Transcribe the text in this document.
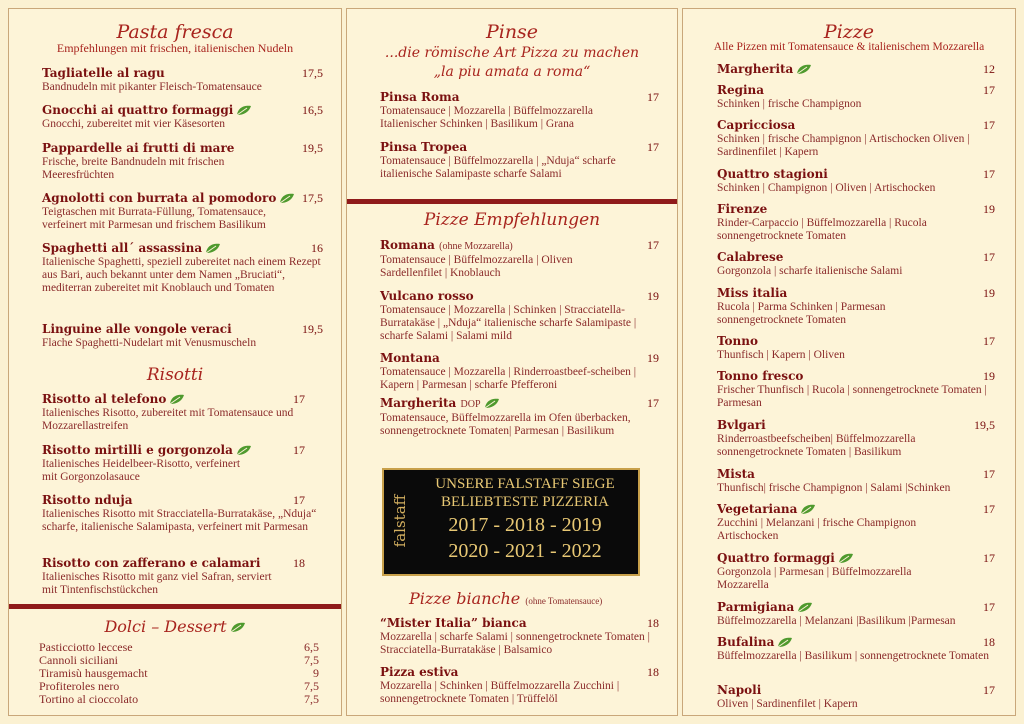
Pasta fresca
Empfehlungen mit frischen, italienischen Nudeln
Tagliatelle al ragu	17,5
Bandnudeln mit pikanter Fleisch-Tomatensauce
Gnocchi ai quattro formaggi	16,5
Gnocchi, zubereitet mit vier Käsesorten
Pappardelle ai frutti di mare	19,5
Frische, breite Bandnudeln mit frischen Meeresfrüchten
Agnolotti con burrata al pomodoro	17,5
Teigtaschen mit Burrata-Füllung, Tomatensauce, verfeinert mit Parmesan und frischem Basilikum
Spaghetti all´ assassina	16
Italienische Spaghetti, speziell zubereitet nach einem Rezept aus Bari, auch bekannt unter dem Namen „Bruciati“, mediterran zubereitet mit Knoblauch und Tomaten
Linguine alle vongole veraci	19,5
Flache Spaghetti-Nudelart mit Venusmuscheln
Risotti
Risotto al telefono	17
Italienisches Risotto, zubereitet mit Tomatensauce und Mozzarellastreifen
Risotto mirtilli e gorgonzola	17
Italienisches Heidelbeer-Risotto, verfeinert mit Gorgonzolasauce
Risotto nduja	17
Italienisches Risotto mit Stracciatella-Burratakäse, „Nduja“ scharfe, italienische Salamipasta, verfeinert mit Parmesan
Risotto con zafferano e calamari	18
Italienisches Risotto mit ganz viel Safran, serviert mit Tintenfischstückchen
Dolci – Dessert
Pasticciotto leccese	6,5
Cannoli siciliani	7,5
Tiramisù hausgemacht	9
Profiteroles nero	7,5
Tortino al cioccolato	7,5
Pinse
...die römische Art Pizza zu machen
„la piu amata a roma“
Pinsa Roma	17
Tomatensauce | Mozzarella | Büffelmozzarella Italienischer Schinken | Basilikum | Grana
Pinsa Tropea	17
Tomatensauce | Büffelmozzarella | „Nduja“ scharfe italienische Salamipaste scharfe Salami
Pizze Empfehlungen
Romana (ohne Mozzarella)	17
Tomatensauce | Büffelmozzarella | Oliven Sardellenfilet | Knoblauch
Vulcano rosso	19
Tomatensauce | Mozzarella | Schinken | Stracciatella-Burratakäse | „Nduja“ italienische scharfe Salamipaste | scharfe Salami | Salami mild
Montana	19
Tomatensauce | Mozzarella | Rinderroastbeef-scheiben | Kapern | Parmesan | scharfe Pfefferoni
Margherita DOP	17
Tomatensauce, Büffelmozzarella im Ofen überbacken, sonnengetrocknete Tomaten| Parmesan | Basilikum
falstaff
UNSERE FALSTAFF SIEGE
BELIEBTESTE PIZZERIA
2017 - 2018 - 2019
2020 - 2021 - 2022
Pizze bianche (ohne Tomatensauce)
“Mister Italia” bianca	18
Mozzarella | scharfe Salami | sonnengetrocknete Tomaten | Stracciatella-Burratakäse | Balsamico
Pizza estiva	18
Mozzarella | Schinken | Büffelmozzarella Zucchini | sonnengetrocknete Tomaten | Trüffelöl
Pizze
Alle Pizzen mit Tomatensauce & italienischem Mozzarella
Margherita	12
Regina	17
Schinken | frische Champignon
Capricciosa	17
Schinken | frische Champignon | Artischocken Oliven | Sardinenfilet | Kapern
Quattro stagioni	17
Schinken | Champignon | Oliven | Artischocken
Firenze	19
Rinder-Carpaccio | Büffelmozzarella | Rucola sonnengetrocknete Tomaten
Calabrese	17
Gorgonzola | scharfe italienische Salami
Miss italia	19
Rucola | Parma Schinken | Parmesan sonnengetrocknete Tomaten
Tonno	17
Thunfisch | Kapern | Oliven
Tonno fresco	19
Frischer Thunfisch | Rucola | sonnengetrocknete Tomaten | Parmesan
Bvlgari	19,5
Rinderroastbeefscheiben| Büffelmozzarella sonnengetrocknete Tomaten | Basilikum
Mista	17
Thunfisch| frische Champignon | Salami |Schinken
Vegetariana	17
Zucchini | Melanzani | frische Champignon Artischocken
Quattro formaggi	17
Gorgonzola | Parmesan | Büffelmozzarella Mozzarella
Parmigiana	17
Büffelmozzarella | Melanzani |Basilikum |Parmesan
Bufalina	18
Büffelmozzarella | Basilikum | sonnengetrocknete Tomaten
Napoli	17
Oliven | Sardinenfilet | Kapern
